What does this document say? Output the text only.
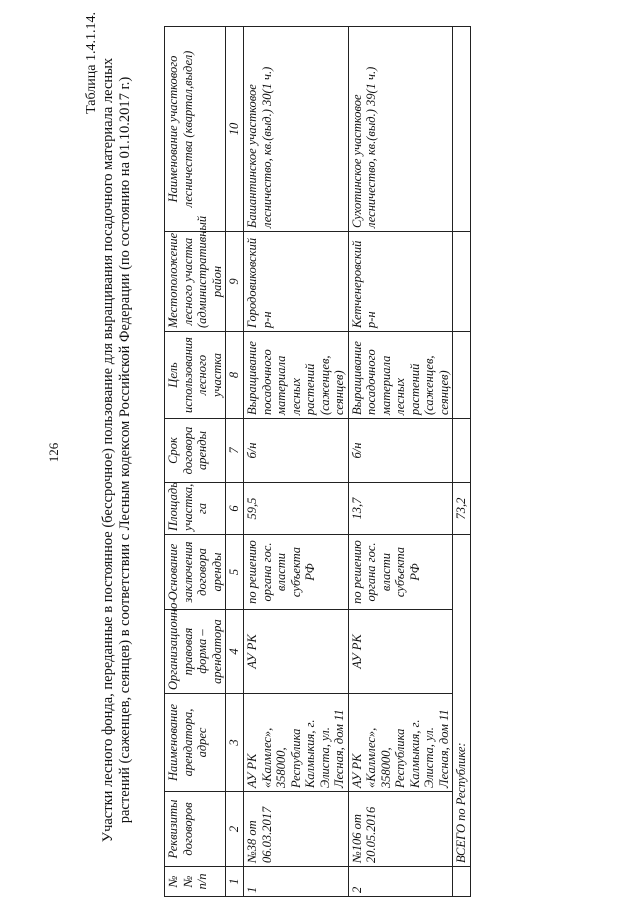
126
Таблица 1.4.1.14. Участки лесного фонда, переданные в постоянное (бессрочное) пользование для выращивания посадочного материала лесных растений (саженцев, сеянцев) в соответствии с Лесным кодексом Российской Федерации (по состоянию на 01.10.2017 г.)
№№ п/п	Реквизиты договоров	Наименование арендатора, адрес	Организационно-правовая форма – арендатора	Основание заключения договора аренды	Площадь участка, га	Срок договора аренды	Цель использования лесного участка	Местоположение лесного участка (административный район	Наименование участкового лесничества (квартал,выдел)
1	2	3	4	5	6	7	8	9	10
1	№38 от 06.03.2017	АУ РК «Калмлес», 358000, Республика Калмыкия, г. Элиста, ул. Лесная, дом 11	АУ РК	по решению органа гос. власти субъекта РФ	59,5	б/н	Выращивание посадочного материала лесных растений (саженцев, сеянцев)	Городовиковский р-н	Башантинское участковое лесничество, кв.(выд.) 30(1 ч.)
2	№106 от 20.05.2016	АУ РК «Калмлес», 358000, Республика Калмыкия, г. Элиста, ул. Лесная, дом 11	АУ РК	по решению органа гос. власти субъекта РФ	13,7	б/н	Выращивание посадочного материала лесных растений (саженцев, сеянцев)	Кетченеровский р-н	Сухотинское участковое лесничество, кв.(выд.) 39(1 ч.)
	ВСЕГО по Республике:				73,2				
